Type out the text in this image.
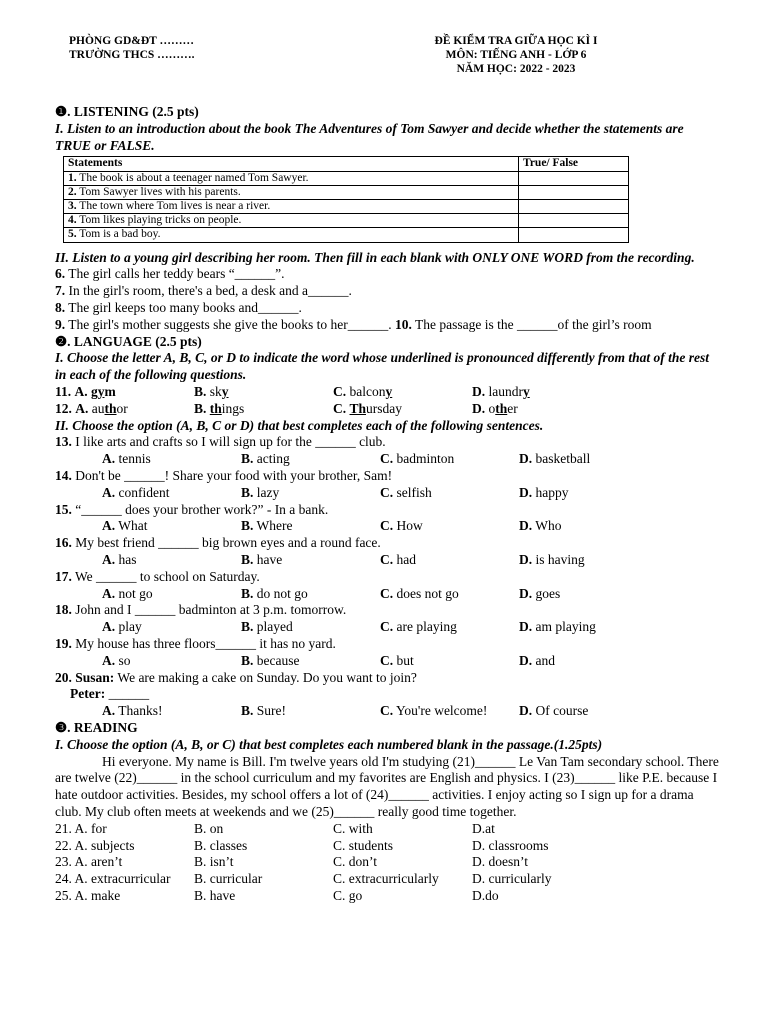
PHÒNG GD&ĐT ………
TRƯỜNG THCS ……….
ĐỀ KIỂM TRA GIỮA HỌC KÌ I
MÔN: TIẾNG ANH - LỚP 6
NĂM HỌC: 2022 - 2023

❶. LISTENING (2.5 pts)

I. Listen to an introduction about the book The Adventures of Tom Sawyer and decide whether the statements are TRUE or FALSE.

Statements	True/ False
1. The book is about a teenager named Tom Sawyer.	
2. Tom Sawyer lives with his parents.	
3. The town where Tom lives is near a river.	
4. Tom likes playing tricks on people.	
5. Tom is a bad boy.	

II. Listen to a young girl describing her room. Then fill in each blank with ONLY ONE WORD from the recording.

6. The girl calls her teddy bears “______”.

7. In the girl's room, there's a bed, a desk and a______.

8. The girl keeps too many books and______.

9. The girl's mother suggests she give the books to her______. 10. The passage is the ______of the girl’s room

❷. LANGUAGE (2.5 pts)

I. Choose the letter A, B, C, or D to indicate the word whose underlined is pronounced differently from that of the rest in each of the following questions.

11. A. gym	B. sky	C. balcony	D. laundry
12. A. author	B. things	C. Thursday	D. other

II. Choose the option (A, B, C or D) that best completes each of the following sentences.

13. I like arts and crafts so I will sign up for the ______ club.

A. tennis	B. acting	C. badminton	D. basketball

14. Don't be ______! Share your food with your brother, Sam!

A. confident	B. lazy	C. selfish	D. happy

15. “______ does your brother work?” - In a bank.

A. What	B. Where	C. How	D. Who

16. My best friend ______ big brown eyes and a round face.

A. has	B. have	C. had	D. is having

17. We ______ to school on Saturday.

A. not go	B. do not go	C. does not go	D. goes

18. John and I ______ badminton at 3 p.m. tomorrow.

A. play	B. played	C. are playing	D. am playing

19. My house has three floors______ it has no yard.

A. so	B. because	C. but	D. and

20. Susan: We are making a cake on Sunday. Do you want to join?

Peter: ______

A. Thanks!	B. Sure!	C. You're welcome!	D. Of course

❸. READING

I. Choose the option (A, B, or C) that best completes each numbered blank in the passage.(1.25pts)

Hi everyone. My name is Bill. I'm twelve years old I'm studying (21)______ Le Van Tam secondary school. There are twelve (22)______ in the school curriculum and my favorites are English and physics. I (23)______ like P.E. because I hate outdoor activities. Besides, my school offers a lot of (24)______ activities. I enjoy acting so I sign up for a drama club. My club often meets at weekends and we (25)______ really good time together.

21. A. for	B. on	C. with	D.at
22. A. subjects	B. classes	C. students	D. classrooms
23. A. aren’t	B. isn’t	C. don’t	D. doesn’t
24. A. extracurricular	B. curricular	C. extracurricularly	D. curricularly
25. A. make	B. have	C. go	D.do
